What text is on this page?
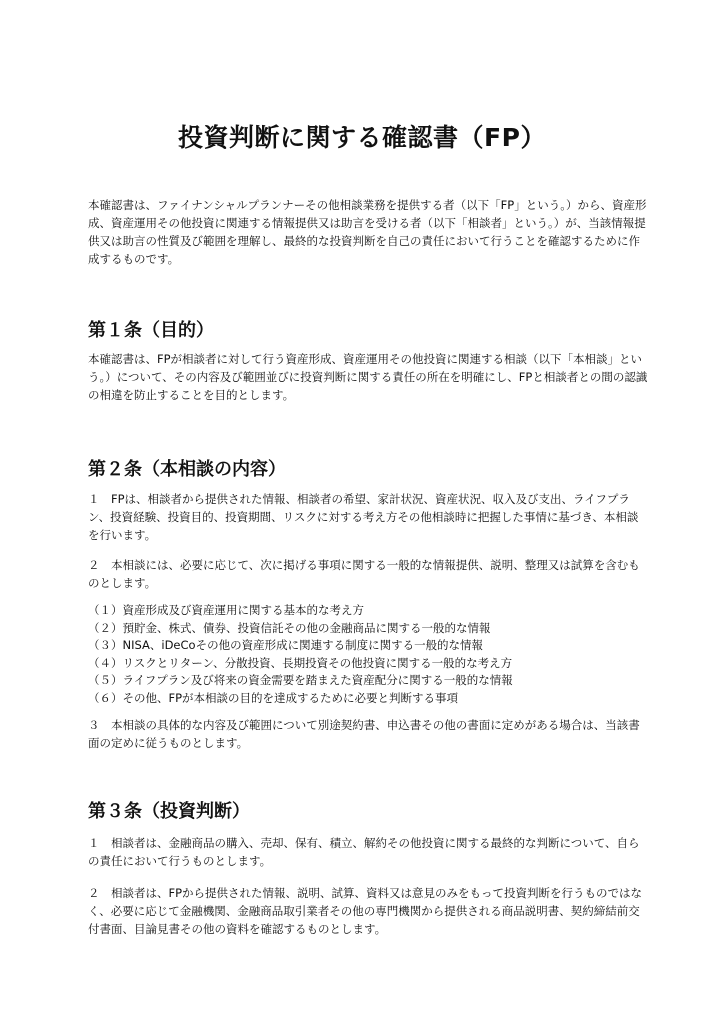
投資判断に関する確認書（FP）

本確認書は、ファイナンシャルプランナーその他相談業務を提供する者（以下「FP」という。）から、資産形成、資産運用その他投資に関連する情報提供又は助言を受ける者（以下「相談者」という。）が、当該情報提供又は助言の性質及び範囲を理解し、最終的な投資判断を自己の責任において行うことを確認するために作成するものです。

第１条（目的）

本確認書は、FPが相談者に対して行う資産形成、資産運用その他投資に関連する相談（以下「本相談」という。）について、その内容及び範囲並びに投資判断に関する責任の所在を明確にし、FPと相談者との間の認識の相違を防止することを目的とします。

第２条（本相談の内容）

１　FPは、相談者から提供された情報、相談者の希望、家計状況、資産状況、収入及び支出、ライフプラン、投資経験、投資目的、投資期間、リスクに対する考え方その他相談時に把握した事情に基づき、本相談を行います。

２　本相談には、必要に応じて、次に掲げる事項に関する一般的な情報提供、説明、整理又は試算を含むものとします。

（１）資産形成及び資産運用に関する基本的な考え方
（２）預貯金、株式、債券、投資信託その他の金融商品に関する一般的な情報
（３）NISA、iDeCoその他の資産形成に関連する制度に関する一般的な情報
（４）リスクとリターン、分散投資、長期投資その他投資に関する一般的な考え方
（５）ライフプラン及び将来の資金需要を踏まえた資産配分に関する一般的な情報
（６）その他、FPが本相談の目的を達成するために必要と判断する事項

３　本相談の具体的な内容及び範囲について別途契約書、申込書その他の書面に定めがある場合は、当該書面の定めに従うものとします。

第３条（投資判断）

１　相談者は、金融商品の購入、売却、保有、積立、解約その他投資に関する最終的な判断について、自らの責任において行うものとします。

２　相談者は、FPから提供された情報、説明、試算、資料又は意見のみをもって投資判断を行うものではなく、必要に応じて金融機関、金融商品取引業者その他の専門機関から提供される商品説明書、契約締結前交付書面、目論見書その他の資料を確認するものとします。
